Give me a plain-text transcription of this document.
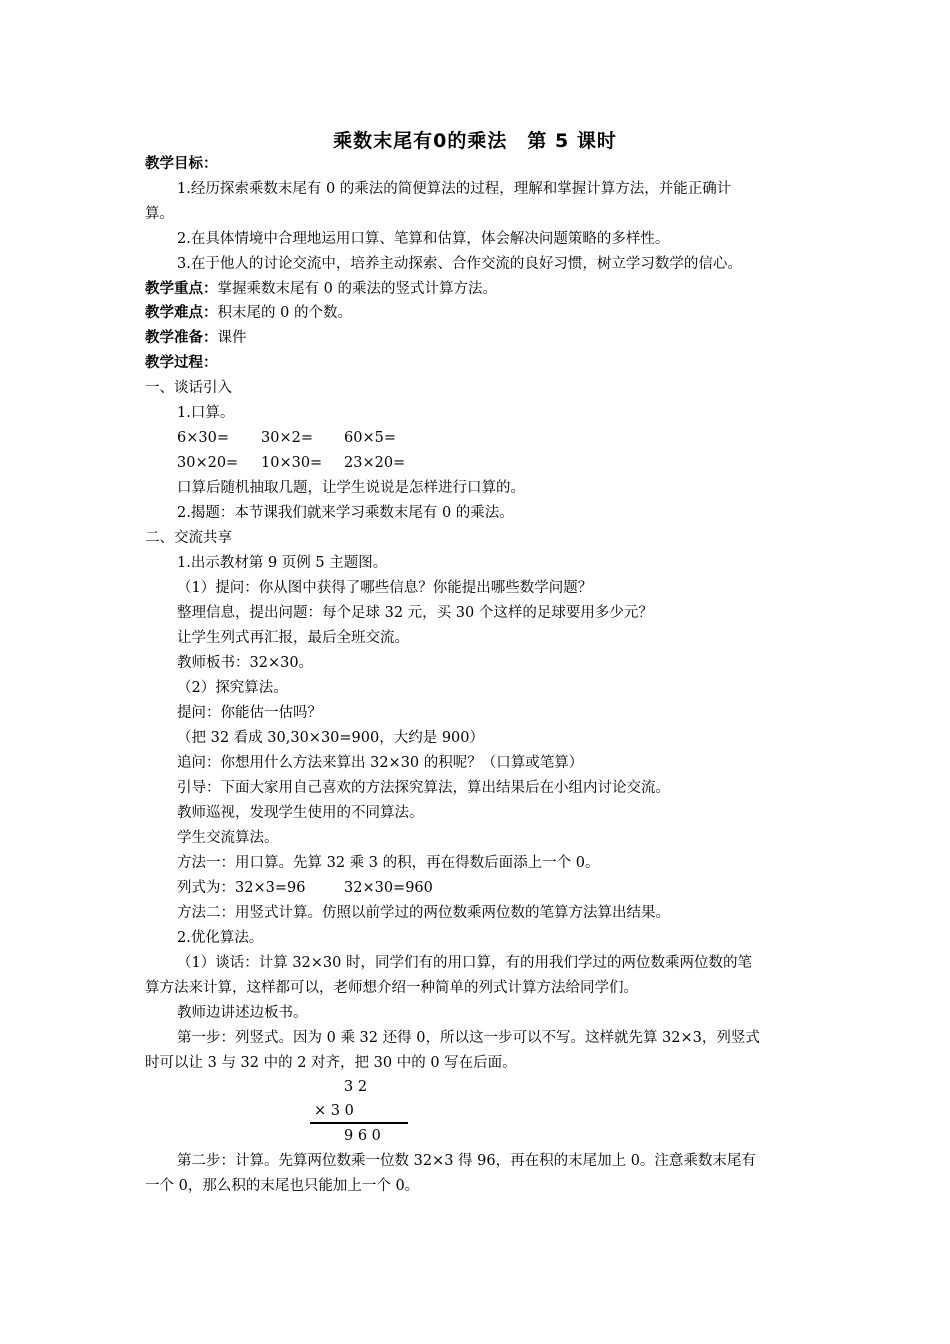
乘数末尾有0的乘法　第 5 课时
教学目标：
1.经历探索乘数末尾有 0 的乘法的简便算法的过程，理解和掌握计算方法，并能正确计
算。
2.在具体情境中合理地运用口算、笔算和估算，体会解决问题策略的多样性。
3.在于他人的讨论交流中，培养主动探索、合作交流的良好习惯，树立学习数学的信心。
教学重点：掌握乘数末尾有 0 的乘法的竖式计算方法。
教学难点：积末尾的 0 的个数。
教学准备：课件
教学过程：
一、谈话引入
1.口算。
6×30= 30×2= 60×5=
30×20= 10×30= 23×20=
口算后随机抽取几题，让学生说说是怎样进行口算的。
2.揭题：本节课我们就来学习乘数末尾有 0 的乘法。
二、交流共享
1.出示教材第 9 页例 5 主题图。
（1）提问：你从图中获得了哪些信息？你能提出哪些数学问题？
整理信息，提出问题：每个足球 32 元，买 30 个这样的足球要用多少元？
让学生列式再汇报，最后全班交流。
教师板书：32×30。
（2）探究算法。
提问：你能估一估吗？
（把 32 看成 30,30×30=900，大约是 900）
追问：你想用什么方法来算出 32×30 的积呢？（口算或笔算）
引导：下面大家用自己喜欢的方法探究算法，算出结果后在小组内讨论交流。
教师巡视，发现学生使用的不同算法。
学生交流算法。
方法一：用口算。先算 32 乘 3 的积，再在得数后面添上一个 0。
列式为：32×3=96	32×30=960
方法二：用竖式计算。仿照以前学过的两位数乘两位数的笔算方法算出结果。
2.优化算法。
（1）谈话：计算 32×30 时，同学们有的用口算，有的用我们学过的两位数乘两位数的笔
算方法来计算，这样都可以，老师想介绍一种简单的列式计算方法给同学们。
教师边讲述边板书。
第一步：列竖式。因为 0 乘 32 还得 0，所以这一步可以不写。这样就先算 32×3，列竖式
时可以让 3 与 32 中的 2 对齐，把 30 中的 0 写在后面。
3 2
× 3 0
9 6 0
第二步：计算。先算两位数乘一位数 32×3 得 96，再在积的末尾加上 0。注意乘数末尾有
一个 0，那么积的末尾也只能加上一个 0。
